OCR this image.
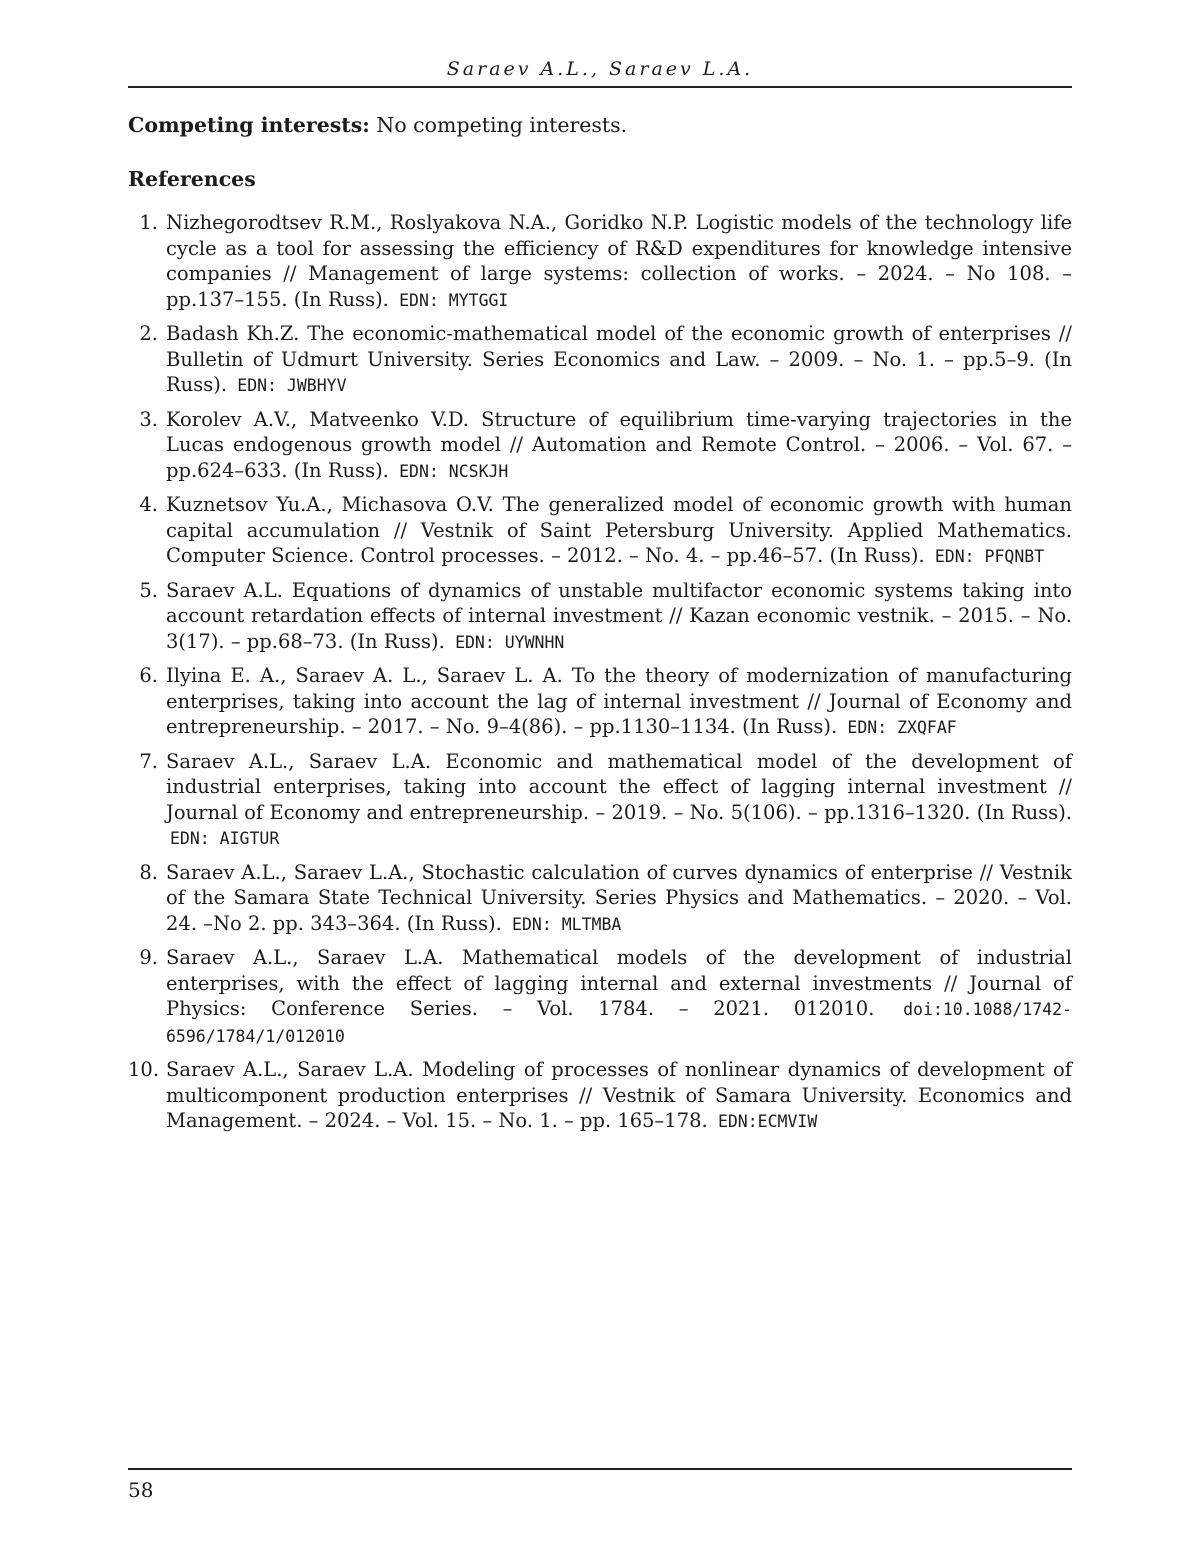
Saraev A.L., Saraev L.A.
Competing interests: No competing interests.
References
1. Nizhegorodtsev R.M., Roslyakova N.A., Goridko N.P. Logistic models of the technology life cycle as a tool for assessing the efficiency of R&D expenditures for knowledge intensive companies // Management of large systems: collection of works. – 2024. – No 108. – pp.137–155. (In Russ). EDN: MYTGGI
2. Badash Kh.Z. The economic-mathematical model of the economic growth of enterprises // Bulletin of Udmurt University. Series Economics and Law. – 2009. – No. 1. – pp.5–9. (In Russ). EDN: JWBHYV
3. Korolev A.V., Matveenko V.D. Structure of equilibrium time-varying trajectories in the Lucas endogenous growth model // Automation and Remote Control. – 2006. – Vol. 67. – pp.624–633. (In Russ). EDN: NCSKJH
4. Kuznetsov Yu.A., Michasova O.V. The generalized model of economic growth with human capital accumulation // Vestnik of Saint Petersburg University. Applied Mathematics. Computer Science. Control processes. – 2012. – No. 4. – pp.46–57. (In Russ). EDN: PFQNBT
5. Saraev A.L. Equations of dynamics of unstable multifactor economic systems taking into account retardation effects of internal investment // Kazan economic vestnik. – 2015. – No. 3(17). – pp.68–73. (In Russ). EDN: UYWNHN
6. Ilyina E. A., Saraev A. L., Saraev L. A. To the theory of modernization of manufacturing enterprises, taking into account the lag of internal investment // Journal of Economy and entrepreneurship. – 2017. – No. 9–4(86). – pp.1130–1134. (In Russ). EDN: ZXQFAF
7. Saraev A.L., Saraev L.A. Economic and mathematical model of the development of industrial enterprises, taking into account the effect of lagging internal investment // Journal of Economy and entrepreneurship. – 2019. – No. 5(106). – pp.1316–1320. (In Russ). EDN: AIGTUR
8. Saraev A.L., Saraev L.A., Stochastic calculation of curves dynamics of enterprise // Vestnik of the Samara State Technical University. Series Physics and Mathematics. – 2020. – Vol. 24. –No 2. pp. 343–364. (In Russ). EDN: MLTMBA
9. Saraev A.L., Saraev L.A. Mathematical models of the development of industrial enterprises, with the effect of lagging internal and external investments // Journal of Physics: Conference Series. – Vol. 1784. – 2021. 012010. doi:10.1088/1742-6596/1784/1/012010
10. Saraev A.L., Saraev L.A. Modeling of processes of nonlinear dynamics of development of multicomponent production enterprises // Vestnik of Samara University. Economics and Management. – 2024. – Vol. 15. – No. 1. – pp. 165–178. EDN:ECMVIW
58
